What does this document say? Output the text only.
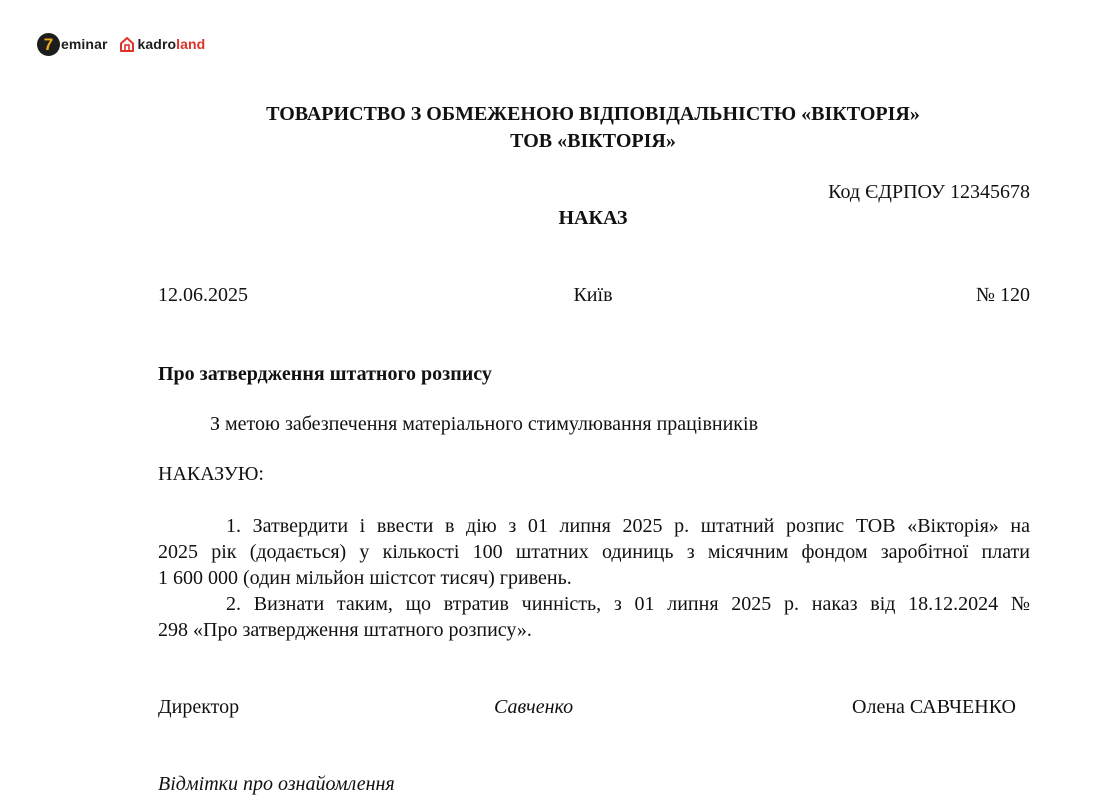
7 eminar kadroland
ТОВАРИСТВО З ОБМЕЖЕНОЮ ВІДПОВІДАЛЬНІСТЮ «ВІКТОРІЯ»
ТОВ «ВІКТОРІЯ»
Код ЄДРПОУ 12345678
НАКАЗ
12.06.2025	Київ	№ 120
Про затвердження штатного розпису
З метою забезпечення матеріального стимулювання працівників
НАКАЗУЮ:
1. Затвердити і ввести в дію з 01 липня 2025 р. штатний розпис ТОВ «Вікторія» на
2025 рік (додається) у кількості 100 штатних одиниць з місячним фондом заробітної плати
1 600 000 (один мільйон шістсот тисяч) гривень.
2. Визнати таким, що втратив чинність, з 01 липня 2025 р. наказ від 18.12.2024 №
298 «Про затвердження штатного розпису».
Директор	Савченко	Олена САВЧЕНКО
Відмітки про ознайомлення
